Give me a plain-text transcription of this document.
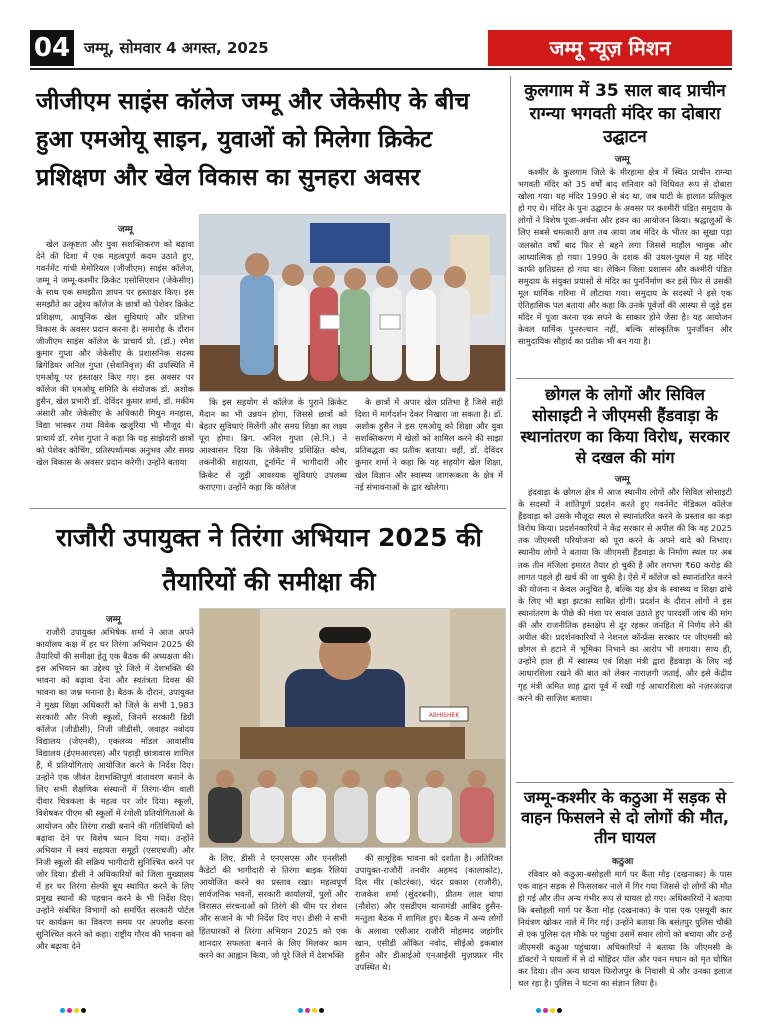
04 जम्मू, सोमवार 4 अगस्त, 2025	जम्मू न्यूज़ मिशन
जीजीएम साइंस कॉलेज जम्मू और जेकेसीए के बीच हुआ एमओयू साइन, युवाओं को मिलेगा क्रिकेट प्रशिक्षण और खेल विकास का सुनहरा अवसर
जम्मू

खेल उत्कृष्टता और युवा सशक्तिकरण को बढ़ावा देने की दिशा में एक महत्वपूर्ण कदम उठाते हुए, गवर्नमेंट गांधी मेमोरियल (जीजीएम) साइंस कॉलेज, जम्मू ने जम्मू-कश्मीर क्रिकेट एसोसिएशन (जेकेसीए) के साथ एक समझौता ज्ञापन पर हस्ताक्षर किए। इस समझौते का उद्देश्य कॉलेज के छात्रों को पेशेवर क्रिकेट प्रशिक्षण, आधुनिक खेल सुविधाएं और प्रतिभा विकास के अवसर प्रदान करना है। समारोह के दौरान जीजीएम साइंस कॉलेज के प्राचार्य प्रो. (डॉ.) रमेश कुमार गुप्ता और जेकेसीए के प्रशासनिक सदस्य ब्रिगेडियर अनिल गुप्ता (सेवानिवृत्त) की उपस्थिति में एमओयू पर हस्ताक्षर किए गए। इस अवसर पर कॉलेज की एमओयू समिति के संयोजक डॉ. अशोक हुसैन, खेल प्रभारी डॉ. देविंदर कुमार शर्मा, डॉ. मकीम अंसारी और जेकेसीए के अधिकारी मिथुन मनहास, विद्या भास्कर तथा विवेक खजुरिया भी मौजूद थे। प्राचार्य डॉ. रमेश गुप्ता ने कहा कि यह साझेदारी छात्रों को पेशेवर कोचिंग, प्रतिस्पर्धात्मक अनुभव और समग्र खेल विकास के अवसर प्रदान करेगी। उन्होंने बताया

कि इस सहयोग से कॉलेज के पुराने क्रिकेट मैदान का भी उन्नयन होगा, जिससे छात्रों को बेहतर सुविधाएं मिलेंगी और समग्र शिक्षा का लक्ष्य पूरा होगा। ब्रिग. अनिल गुप्ता (से.नि.) ने आश्वासन दिया कि जेकेसीए प्रशिक्षित कोच, तकनीकी सहायता, टूर्नामेंट में भागीदारी और क्रिकेट से जुड़ी आवश्यक सुविधाएं उपलब्ध कराएगा। उन्होंने कहा कि कॉलेज

के छात्रों में अपार खेल प्रतिभा है जिसे सही दिशा में मार्गदर्शन देकर निखारा जा सकता है। डॉ. अशोक हुसैन ने इस एमओयू को शिक्षा और युवा सशक्तिकरण में खेलों को शामिल करने की साझा प्रतिबद्धता का प्रतीक बताया। वहीं, डॉ. देविंदर कुमार शर्मा ने कहा कि यह सहयोग खेल शिक्षा, खेल विज्ञान और स्वास्थ्य जागरूकता के क्षेत्र में नई संभावनाओं के द्वार खोलेगा।

राजौरी उपायुक्त ने तिरंगा अभियान 2025 की तैयारियों की समीक्षा की
जम्मू

राजौरी उपायुक्त अभिषेक शर्मा ने आज अपने कार्यालय कक्ष में हर घर तिरंगा अभियान 2025 की तैयारियों की समीक्षा हेतु एक बैठक की अध्यक्षता की। इस अभियान का उद्देश्य पूरे जिले में देशभक्ति की भावना को बढ़ावा देना और स्वतंत्रता दिवस की भावना का जश्न मनाना है। बैठक के दौरान, उपायुक्त ने मुख्य शिक्षा अधिकारी को जिले के सभी 1,983 सरकारी और निजी स्कूलों, जिनमें सरकारी डिग्री कॉलेज (जीडीसी), निजी जीडीसी, जवाहर नवोदय विद्यालय (जेएनवी), एकलव्य मॉडल आवासीय विद्यालय (ईएमआरएस) और पहाड़ी छात्रावास शामिल हैं, में प्रतियोगिताएं आयोजित करने के निर्देश दिए। उन्होंने एक जीवंत देशभक्तिपूर्ण वातावरण बनाने के लिए सभी शैक्षणिक संस्थानों में तिरंगा-थीम वाली दीवार चित्रकला के महत्व पर जोर दिया। स्कूलों, विशेषकर पीएम श्री स्कूलों में रंगोली प्रतियोगिताओं के आयोजन और तिरंगा राखी बनाने की गतिविधियों को बढ़ावा देने पर विशेष ध्यान दिया गया। उन्होंने अभियान में स्वयं सहायता समूहों (एसएचजी) और निजी स्कूलों की सक्रिय भागीदारी सुनिश्चित करने पर जोर दिया। डीसी ने अधिकारियों को जिला मुख्यालय में हर घर तिरंगा सेल्फी बूथ स्थापित करने के लिए प्रमुख स्थानों की पहचान करने के भी निर्देश दिए। उन्होंने संबंधित विभागों को समर्पित सरकारी पोर्टल पर कार्यक्रम का विवरण समय पर अपलोड करना सुनिश्चित करने को कहा। राष्ट्रीय गौरव की भावना को और बढ़ावा देने

ABHISHEK

के लिए, डीसी ने एनएसएस और एनसीसी कैडेटों की भागीदारी से तिरंगा बाइक रैलियां आयोजित करने का प्रस्ताव रखा। महत्वपूर्ण सार्वजनिक भवनों, सरकारी कार्यालयों, पुलों और विरासत संरचनाओं को तिरंगे की थीम पर रोशन और सजाने के भी निर्देश दिए गए। डीसी ने सभी हितधारकों से तिरंगा अभियान 2025 को एक शानदार सफलता बनाने के लिए मिलकर काम करने का आह्वान किया, जो पूरे जिले में देशभक्ति

की सामूहिक भावना को दर्शाता है। अतिरिक्त उपायुक्त-राजौरी तनवीर अहमद (कालाकोट), दिल मीर (कोटरंका), चंदर प्रकाश (राजौरी), राजकेश शर्मा (सुंदरबनी), प्रीतम लाल थापा (नौशेरा) और एसडीएम थानामंडी आबिद हुसैन-मन्तुला बैठक में शामिल हुए। बैठक में अन्य लोगों के अलावा एसीआर राजौरी मोहम्मद जहांगीर खान, एसीडी ओंकित नवोद, सीईओ इकबाल हुसैन और डीआईओ एनआईसी मुज़फ़्फ़र मीर उपस्थित थे।

कुलगाम में 35 साल बाद प्राचीन राग्न्या भगवती मंदिर का दोबारा उद्घाटन
जम्मू

कश्मीर के कुलगाम जिले के मीरहामा क्षेत्र में स्थित प्राचीन राग्न्या भगवती मंदिर को 35 वर्षों बाद शनिवार को विधिवत रूप से दोबारा खोला गया। यह मंदिर 1990 से बंद था, जब घाटी के हालात प्रतिकूल हो गए थे। मंदिर के पुनः उद्घाटन के अवसर पर कश्मीरी पंडित समुदाय के लोगों ने विशेष पूजा-अर्चना और हवन का आयोजन किया। श्रद्धालुओं के लिए सबसे चमत्कारी क्षण तब आया जब मंदिर के भीतर का सूखा पड़ा जलस्रोत वर्षों बाद फिर से बहने लगा जिससे माहौल भावुक और आध्यात्मिक हो गया। 1990 के दशक की उथल-पुथल में यह मंदिर काफी क्षतिग्रस्त हो गया था। लेकिन जिला प्रशासन और कश्मीरी पंडित समुदाय के संयुक्त प्रयासों से मंदिर का पुनर्निर्माण कर इसे फिर से उसकी मूल धार्मिक गरिमा में लौटाया गया। समुदाय के सदस्यों ने इसे एक ऐतिहासिक पल बताया और कहा कि उनके पूर्वजों की आस्था से जुड़े इस मंदिर में पूजा करना एक सपने के साकार होने जैसा है। यह आयोजन केवल धार्मिक पुनरुत्थान नहीं, बल्कि सांस्कृतिक पुनर्जीवन और सामुदायिक सौहार्द का प्रतीक भी बन गया है।

छोगल के लोगों और सिविल सोसाइटी ने जीएमसी हैंडवाड़ा के स्थानांतरण का किया विरोध, सरकार से दखल की मांग
जम्मू

हंदवाड़ा के छोगल क्षेत्र में आज स्थानीय लोगों और सिविल सोसाइटी के सदस्यों ने शांतिपूर्ण प्रदर्शन करते हुए गवर्नमेंट मेडिकल कॉलेज हैंडवाड़ा को उसके मौजूदा स्थल से स्थानांतरित करने के प्रस्ताव का कड़ा विरोध किया। प्रदर्शनकारियों ने केंद्र सरकार से अपील की कि वह 2025 तक जीएमसी परियोजना को पूरा करने के अपने वादे को निभाए। स्थानीय लोगों ने बताया कि जीएमसी हैंडवाड़ा के निर्माण स्थल पर अब तक तीन मंजिला इमारत तैयार हो चुकी है और लगभग ₹60 करोड़ की लागत पहले ही खर्च की जा चुकी है। ऐसे में कॉलेज को स्थानांतरित करने की योजना न केवल अनुचित है, बल्कि यह क्षेत्र के स्वास्थ्य व शिक्षा ढांचे के लिए भी बड़ा झटका साबित होगी। प्रदर्शन के दौरान लोगों ने इस स्थानांतरण के पीछे की मंशा पर सवाल उठाते हुए पारदर्शी जांच की मांग की और राजनीतिक हस्तक्षेप से दूर रहकर जनहित में निर्णय लेने की अपील की। प्रदर्शनकारियों ने नेशनल कॉन्फ्रेंस सरकार पर जीएमसी को छोगल से हटाने में भूमिका निभाने का आरोप भी लगाया। साथ ही, उन्होंने हाल ही में स्वास्थ्य एवं शिक्षा मंत्री द्वारा हैंडवाड़ा के लिए नई आधारशिला रखने की बात को लेकर नाराज़गी जताई, और इसे केंद्रीय गृह मंत्री अमित शाह द्वारा पूर्व में रखी गई आधारशिला को नज़रअंदाज़ करने की साज़िश बताया।

जम्मू-कश्मीर के कठुआ में सड़क से वाहन फिसलने से दो लोगों की मौत, तीन घायल
कठुआ

रविवार को कठुआ-बसोहली मार्ग पर कैंता मोड़ (दखनाका) के पास एक वाहन सड़क से फिसलकर नाले में गिर गया जिससे दो लोगों की मौत हो गई और तीन अन्य गंभीर रूप से घायल हो गए। अधिकारियों ने बताया कि बसोहली मार्ग पर कैंता मोड़ (दखनाका) के पास एक एसयूवी कार नियंत्रण खोकर नाले में गिर गई। उन्होंने बताया कि बसंतपुर पुलिस चौकी से एक पुलिस दल मौके पर पहुंचा उसमें सवार लोगों को बचाया और उन्हें जीएमसी कठुआ पहुंचाया। अधिकारियों ने बताया कि जीएमसी के डॉक्टरों ने घायलों में से दो मोहिंदर पॉल और पवन मधान को मृत घोषित कर दिया। तीन अन्य घायल फिरोजपुर के निवासी थे और उनका इलाज चल रहा है। पुलिस ने घटना का संज्ञान लिया है।
